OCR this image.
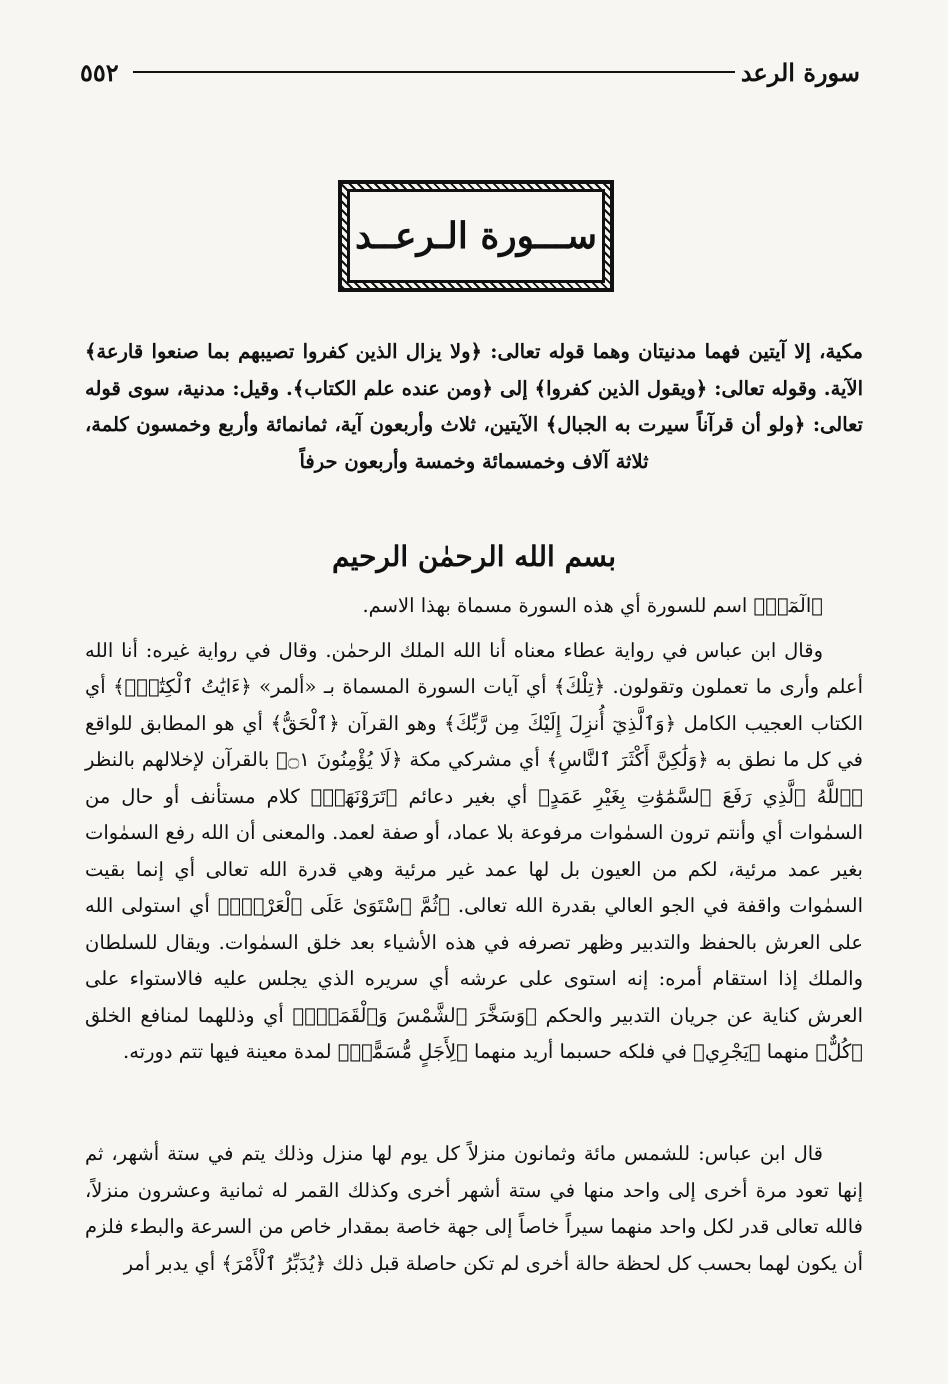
٥٥٢	سورة الرعد
ســـورة الـرعــد
مكية، إلا آيتين فهما مدنيتان وهما قوله تعالى: ﴿ولا يزال الذين كفروا تصيبهم بما صنعوا قارعة﴾ الآية. وقوله تعالى: ﴿ويقول الذين كفروا﴾ إلى ﴿ومن عنده علم الكتاب﴾. وقيل: مدنية، سوى قوله تعالى: ﴿ولو أن قرآناً سيرت به الجبال﴾ الآيتين، ثلاث وأربعون آية، ثمانمائة وأربع وخمسون كلمة، ثلاثة آلاف وخمسمائة وخمسة وأربعون حرفاً
بسم الله الرحمٰن الرحيم

﴿الٓمٓرۚ﴾ اسم للسورة أي هذه السورة مسماة بهذا الاسم.

وقال ابن عباس في رواية عطاء معناه أنا الله الملك الرحمٰن. وقال في رواية غيره: أنا الله أعلم وأرى ما تعملون وتقولون. ﴿تِلْكَ﴾ أي آيات السورة المسماة بـ «ألمر» ﴿ءَايَٰتُ ٱلْكِتَٰبِۗ﴾ أي الكتاب العجيب الكامل ﴿وَٱلَّذِيٓ أُنزِلَ إِلَيْكَ مِن رَّبِّكَ﴾ وهو القرآن ﴿ٱلْحَقُّ﴾ أي هو المطابق للواقع في كل ما نطق به ﴿وَلَٰكِنَّ أَكْثَرَ ٱلنَّاسِ﴾ أي مشركي مكة ﴿لَا يُؤْمِنُونَ ۝١﴾ بالقرآن لإخلالهم بالنظر ﴿ٱللَّهُ ٱلَّذِي رَفَعَ ٱلسَّمَٰوَٰتِ بِغَيْرِ عَمَدٍ﴾ أي بغير دعائم ﴿تَرَوْنَهَاۖ﴾ كلام مستأنف أو حال من السمٰوات أي وأنتم ترون السمٰوات مرفوعة بلا عماد، أو صفة لعمد. والمعنى أن الله رفع السمٰوات بغير عمد مرئية، لكم من العيون بل لها عمد غير مرئية وهي قدرة الله تعالى أي إنما بقيت السمٰوات واقفة في الجو العالي بقدرة الله تعالى. ﴿ثُمَّ ٱسْتَوَىٰ عَلَى ٱلْعَرْشِۖ﴾ أي استولى الله على العرش بالحفظ والتدبير وظهر تصرفه في هذه الأشياء بعد خلق السمٰوات. ويقال للسلطان والملك إذا استقام أمره: إنه استوى على عرشه أي سريره الذي يجلس عليه فالاستواء على العرش كناية عن جريان التدبير والحكم ﴿وَسَخَّرَ ٱلشَّمْسَ وَٱلْقَمَرَۖ﴾ أي وذللهما لمنافع الخلق ﴿كُلٌّ﴾ منهما ﴿يَجْرِي﴾ في فلكه حسبما أريد منهما ﴿لِأَجَلٍ مُّسَمًّىۚ﴾ لمدة معينة فيها تتم دورته.

قال ابن عباس: للشمس مائة وثمانون منزلاً كل يوم لها منزل وذلك يتم في ستة أشهر، ثم إنها تعود مرة أخرى إلى واحد منها في ستة أشهر أخرى وكذلك القمر له ثمانية وعشرون منزلاً، فالله تعالى قدر لكل واحد منهما سيراً خاصاً إلى جهة خاصة بمقدار خاص من السرعة والبطء فلزم أن يكون لهما بحسب كل لحظة حالة أخرى لم تكن حاصلة قبل ذلك ﴿يُدَبِّرُ ٱلْأَمْرَ﴾ أي يدبر أمر
